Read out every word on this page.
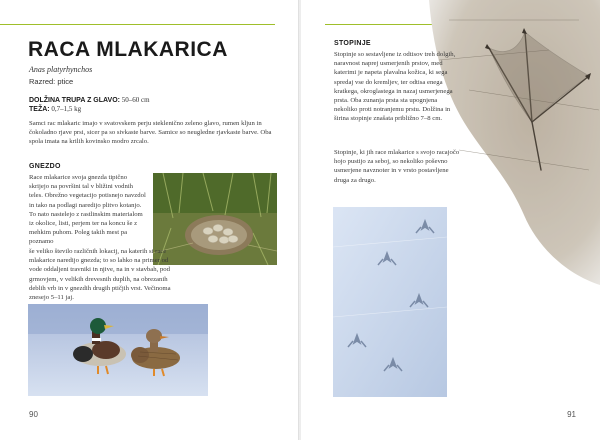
RACA MLAKARICA
Anas platyrhynchos
Razred: ptice
DOLŽINA TRUPA Z GLAVO: 50–60 cm
TEŽA: 0,7–1,5 kg
Samci rac mlakaric imajo v svatovskem perju steklenično zeleno glavo, rumen kljun in čokoladno rjave prsi, sicer pa so sivkaste barve. Samice so neugledne rjavkaste barve. Oba spola imata na krilih kovinsko modro zrcalo.
GNEZDO
Race mlakarice svoja gnezda tipično skrijejo na površini tal v bližini vodnih teles. Obrežno vegetacijo potisnejo navzdol in tako na podlagi naredijo plitvo kotanjo. To nato nastelejo z rastlinskim materialom iz okolice, listi, perjem ter na koncu še z mehkim puhom. Poleg takih mest pa poznamo
še veliko število različnih lokacij, na katerih si race mlakarice naredijo gnezda; to so lahko na primer od vode oddaljeni travniki in njive, na in v stavbah, pod grmovjem, v velikih drevesnih duplih, na obrezanih deblih vrb in v gnezdih drugih ptičjih vrst. Večinoma znesejo 5–11 jaj.
90
STOPINJE
Stopinje so sestavljene iz odtisov treh dolgih, naravnost naprej usmerjenih prstov, med katerimi je napeta plavalna kožica, ki sega spredaj vse do kremljev, ter odtisa enega kratkega, okroglastega in nazaj usmerjenega prsta. Oba zunanja prsta sta upognjena nekoliko proti notranjemu prstu. Dolžina in širina stopinje znašata približno 7–8 cm.
Stopinje, ki jih race mlakarice s svojo racajočo hojo pustijo za seboj, so nekoliko poševno usmerjene navznoter in v vrsto postavljene druga za drugo.
91
